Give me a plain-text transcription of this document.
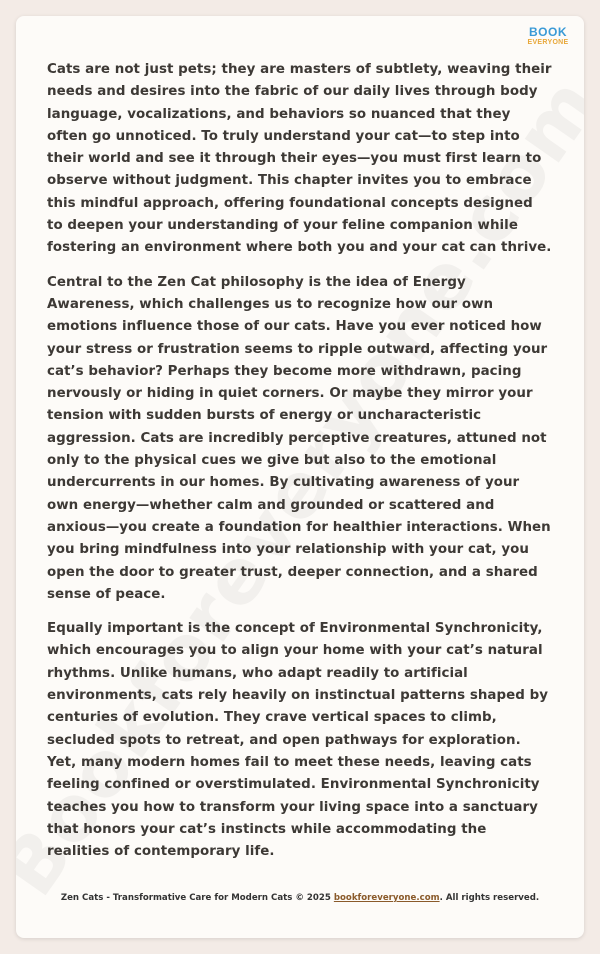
BOOK
EVERYONE

Cats are not just pets; they are masters of subtlety, weaving their needs and desires into the fabric of our daily lives through body language, vocalizations, and behaviors so nuanced that they often go unnoticed. To truly understand your cat—to step into their world and see it through their eyes—you must first learn to observe without judgment. This chapter invites you to embrace this mindful approach, offering foundational concepts designed to deepen your understanding of your feline companion while fostering an environment where both you and your cat can thrive.

Central to the Zen Cat philosophy is the idea of Energy Awareness, which challenges us to recognize how our own emotions influence those of our cats. Have you ever noticed how your stress or frustration seems to ripple outward, affecting your cat’s behavior? Perhaps they become more withdrawn, pacing nervously or hiding in quiet corners. Or maybe they mirror your tension with sudden bursts of energy or uncharacteristic aggression. Cats are incredibly perceptive creatures, attuned not only to the physical cues we give but also to the emotional undercurrents in our homes. By cultivating awareness of your own energy—whether calm and grounded or scattered and anxious—you create a foundation for healthier interactions. When you bring mindfulness into your relationship with your cat, you open the door to greater trust, deeper connection, and a shared sense of peace.

Equally important is the concept of Environmental Synchronicity, which encourages you to align your home with your cat’s natural rhythms. Unlike humans, who adapt readily to artificial environments, cats rely heavily on instinctual patterns shaped by centuries of evolution. They crave vertical spaces to climb, secluded spots to retreat, and open pathways for exploration. Yet, many modern homes fail to meet these needs, leaving cats feeling confined or overstimulated. Environmental Synchronicity teaches you how to transform your living space into a sanctuary that honors your cat’s instincts while accommodating the realities of contemporary life.

Zen Cats - Transformative Care for Modern Cats © 2025 bookforeveryone.com. All rights reserved.
